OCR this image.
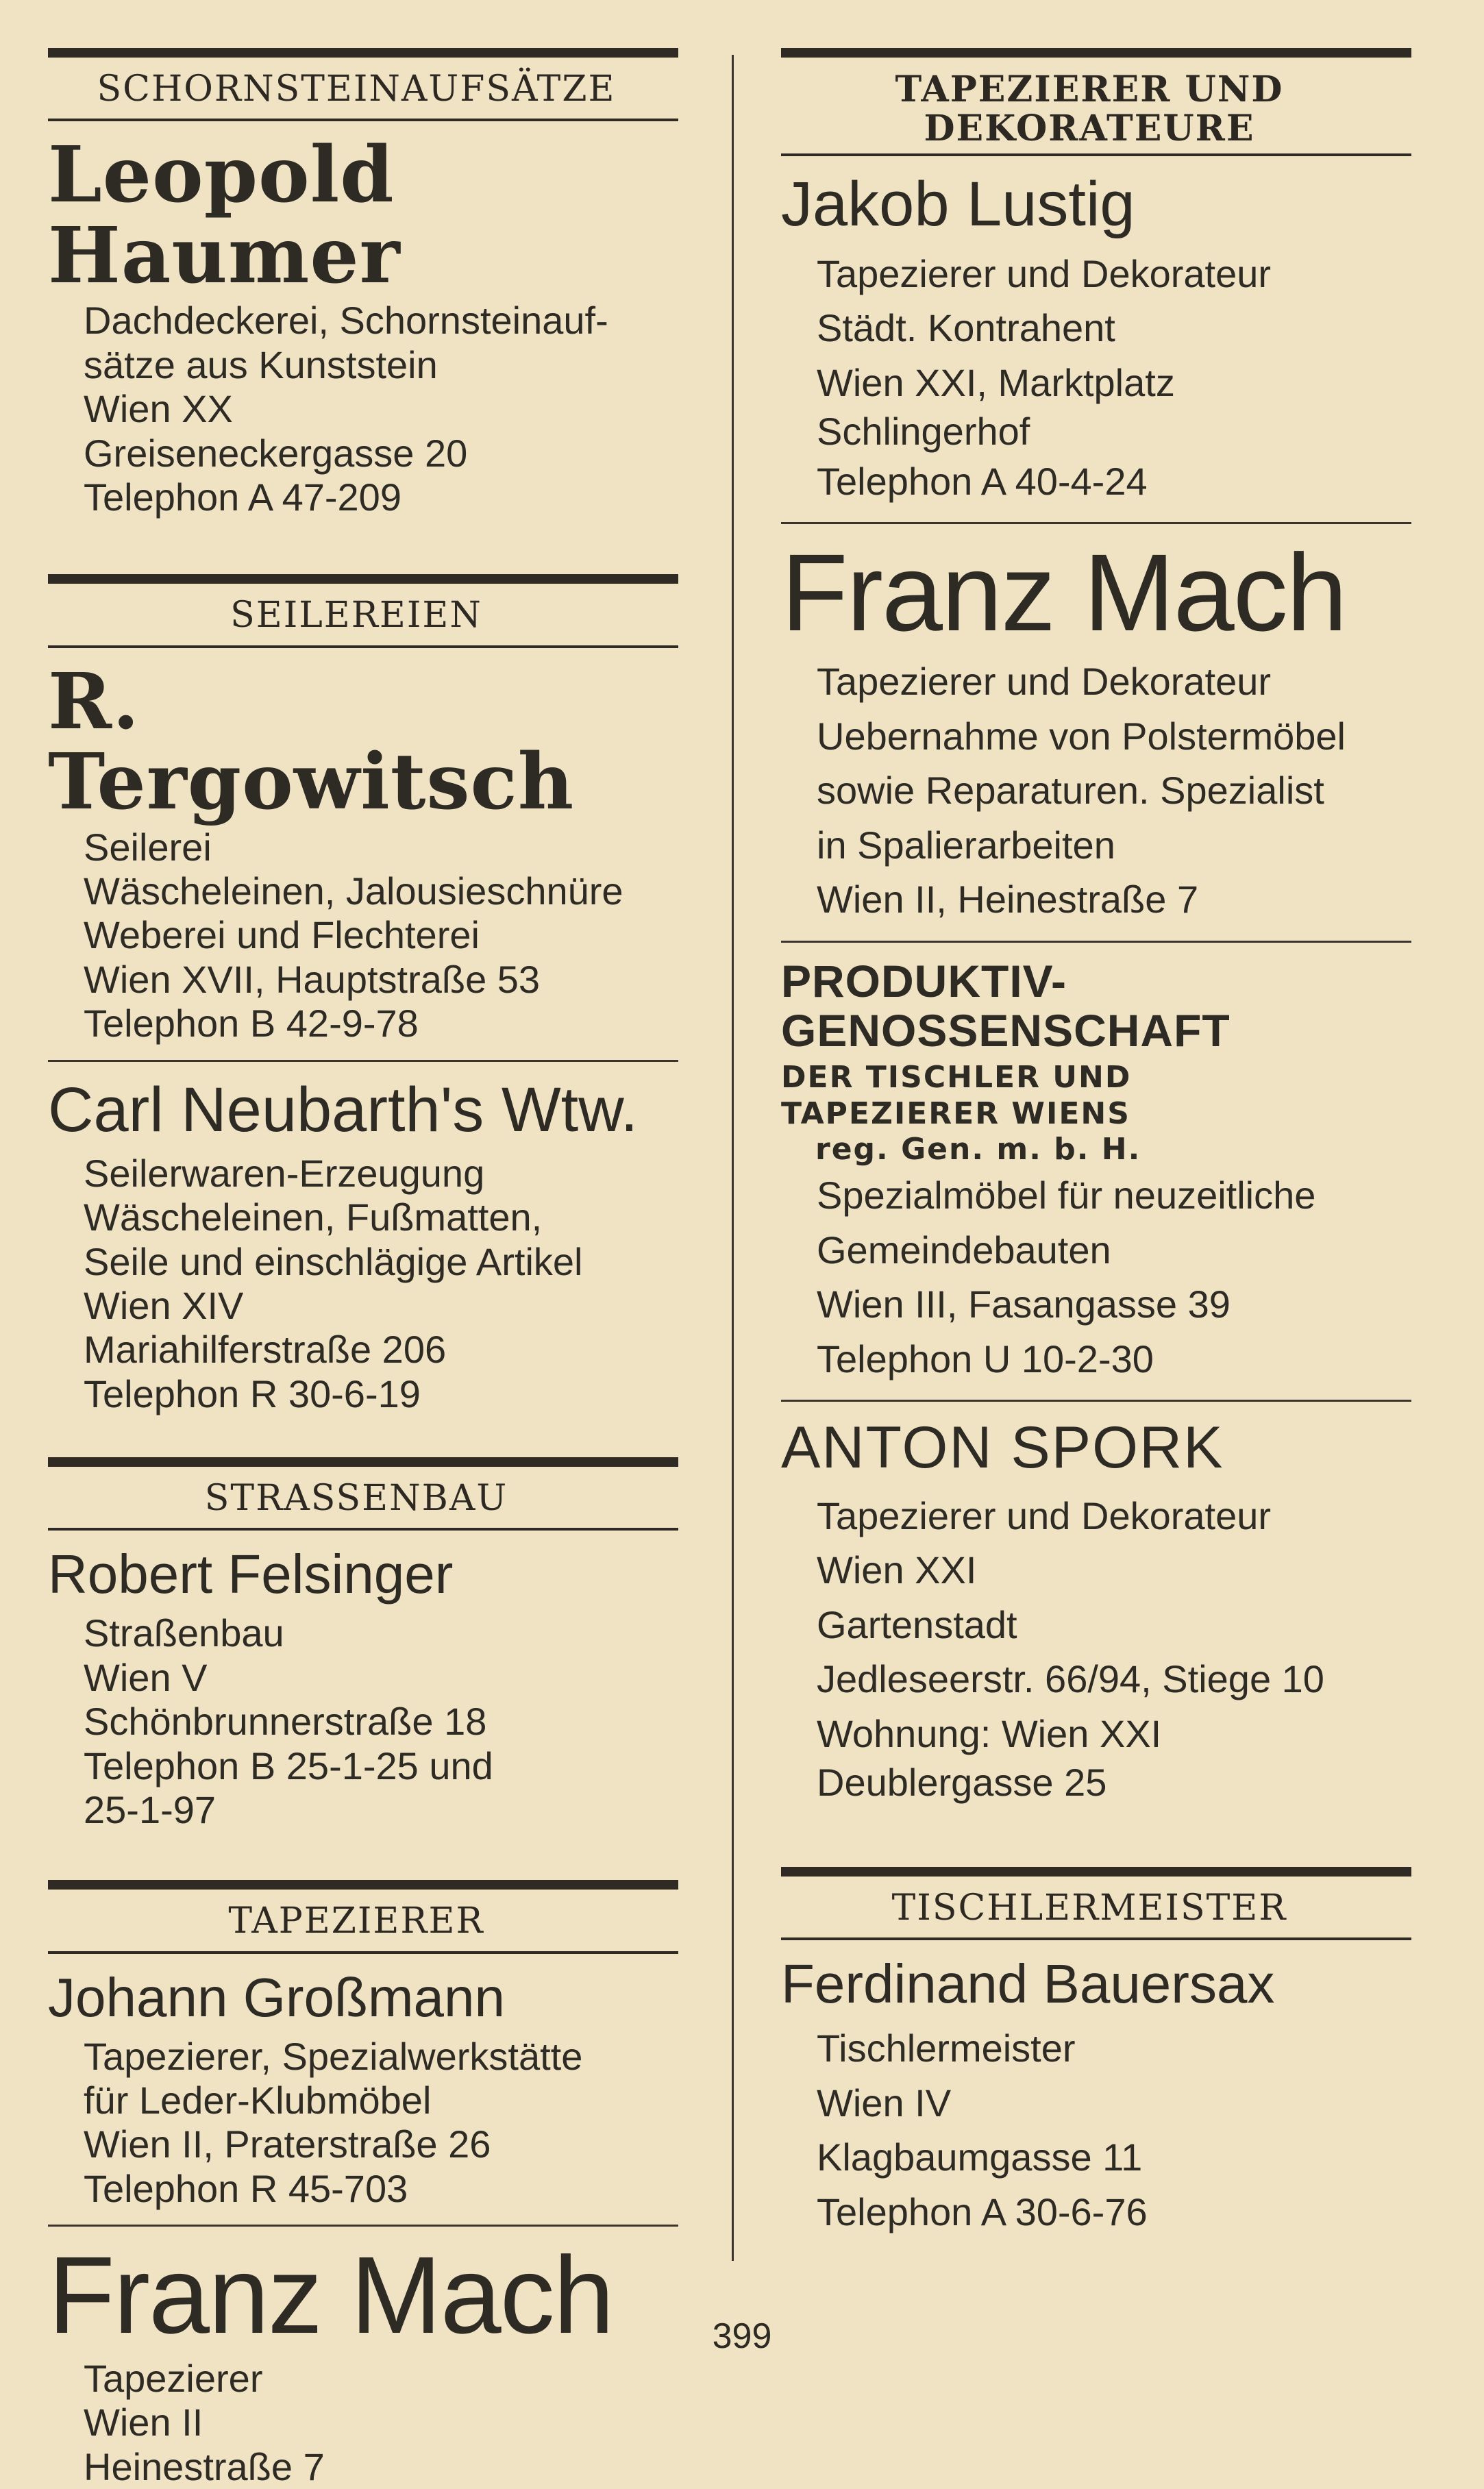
SCHORNSTEINAUFSÄTZE
Leopold Haumer
Dachdeckerei, Schornsteinauf-
sätze aus Kunststein
Wien XX
Greiseneckergasse 20
Telephon A 47-209
SEILEREIEN
R. Tergowitsch
Seilerei
Wäscheleinen, Jalousieschnüre
Weberei und Flechterei
Wien XVII, Hauptstraße 53
Telephon B 42-9-78
Carl Neubarth's Wtw.
Seilerwaren-Erzeugung
Wäscheleinen, Fußmatten,
Seile und einschlägige Artikel
Wien XIV
Mariahilferstraße 206
Telephon R 30-6-19
STRASSENBAU
Robert Felsinger
Straßenbau
Wien V
Schönbrunnerstraße 18
Telephon B 25-1-25 und
25-1-97
TAPEZIERER
Johann Großmann
Tapezierer, Spezialwerkstätte
für Leder-Klubmöbel
Wien II, Praterstraße 26
Telephon R 45-703
Franz Mach
Tapezierer
Wien II
Heinestraße 7
TAPEZIERER UND
DEKORATEURE
Jakob Lustig
Tapezierer und Dekorateur
Städt. Kontrahent
Wien XXI, Marktplatz
Schlingerhof
Telephon A 40-4-24
Franz Mach
Tapezierer und Dekorateur
Uebernahme von Polstermöbel
sowie Reparaturen. Spezialist
in Spalierarbeiten
Wien II, Heinestraße 7
PRODUKTIV-
GENOSSENSCHAFT
DER TISCHLER UND
TAPEZIERER WIENS
reg. Gen. m. b. H.
Spezialmöbel für neuzeitliche
Gemeindebauten
Wien III, Fasangasse 39
Telephon U 10-2-30
ANTON SPORK
Tapezierer und Dekorateur
Wien XXI
Gartenstadt
Jedleseerstr. 66/94, Stiege 10
Wohnung: Wien XXI
Deublergasse 25
TISCHLERMEISTER
Ferdinand Bauersax
Tischlermeister
Wien IV
Klagbaumgasse 11
Telephon A 30-6-76
399
